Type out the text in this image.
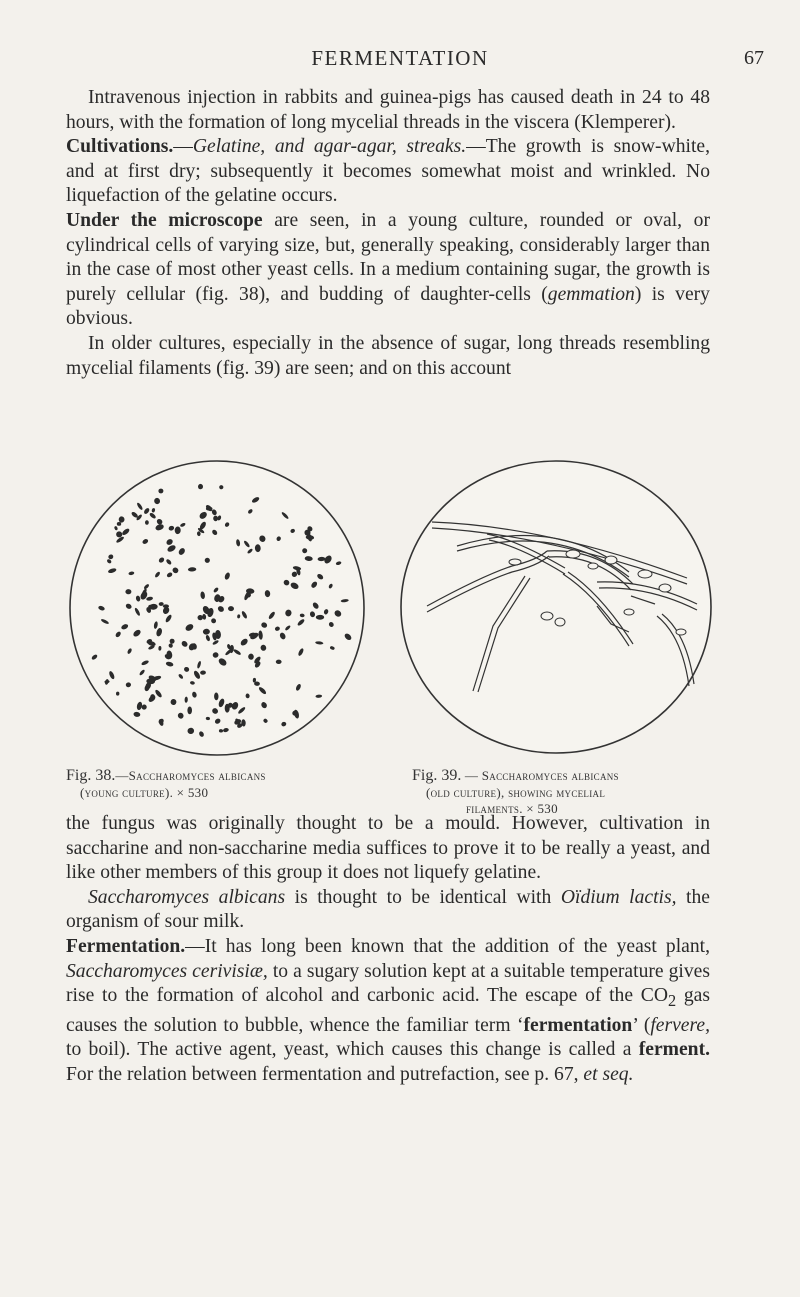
FERMENTATION	67

Intravenous injection in rabbits and guinea-pigs has caused death in 24 to 48 hours, with the formation of long mycelial threads in the viscera (Klemperer).

Cultivations.—Gelatine, and agar-agar, streaks.—The growth is snow-white, and at first dry; subsequently it becomes somewhat moist and wrinkled. No liquefaction of the gelatine occurs.

Under the microscope are seen, in a young culture, rounded or oval, or cylindrical cells of varying size, but, generally speaking, considerably larger than in the case of most other yeast cells. In a medium containing sugar, the growth is purely cellular (fig. 38), and budding of daughter-cells (gemmation) is very obvious.

In older cultures, especially in the absence of sugar, long threads resembling mycelial filaments (fig. 39) are seen; and on this account

Fig. 38.—Saccharomyces albicans
(young culture). × 530
Fig. 39. — Saccharomyces albicans
(old culture), showing mycelial
filaments. × 530

the fungus was originally thought to be a mould. However, cultivation in saccharine and non-saccharine media suffices to prove it to be really a yeast, and like other members of this group it does not liquefy gelatine.

Saccharomyces albicans is thought to be identical with Oïdium lactis, the organism of sour milk.

Fermentation.—It has long been known that the addition of the yeast plant, Saccharomyces cerivisiæ, to a sugary solution kept at a suitable temperature gives rise to the formation of alcohol and carbonic acid. The escape of the $CO_2$ gas causes the solution to bubble, whence the familiar term ‘fermentation’ (fervere, to boil). The active agent, yeast, which causes this change is called a ferment. For the relation between fermentation and putrefaction, see p. 67, et seq.
